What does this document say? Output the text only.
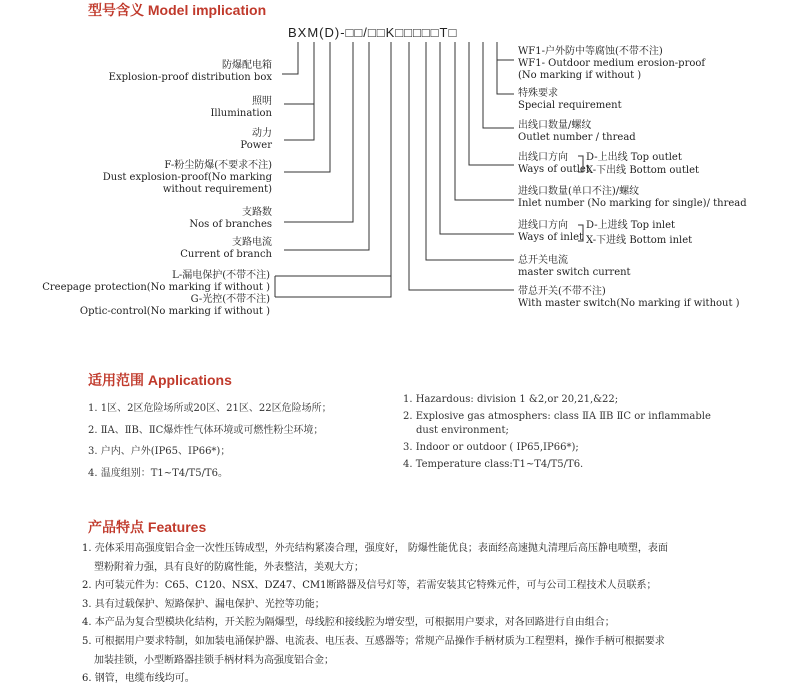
型号含义 Model implication
BXM(D)-□□/□□K□□□□□T□
防爆配电箱
Explosion-proof distribution box
照明
Illumination
动力
Power
F-粉尘防爆(不要求不注)
Dust explosion-proof(No marking
without requirement)
支路数
Nos of branches
支路电流
Current of branch
L-漏电保护(不带不注)
Creepage protection(No marking if without )
G-光控(不带不注)
Optic-control(No marking if without )
WF1-户外防中等腐蚀(不带不注)
WF1- Outdoor medium erosion-proof
(No marking if without )
特殊要求
Special requirement
出线口数量/螺纹
Outlet number / thread
出线口方向
Ways of outlet
D-上出线 Top outlet
X-下出线 Bottom outlet
进线口数量(单口不注)/螺纹
Inlet number (No marking for single)/ thread
进线口方向
Ways of inlet
D-上进线 Top inlet
X-下进线 Bottom inlet
总开关电流
master switch current
带总开关(不带不注)
With master switch(No marking if without )
适用范围 Applications
1. 1区、2区危险场所或20区、21区、22区危险场所；
2. ⅡA、ⅡB、ⅡC爆炸性气体环境或可燃性粉尘环境；
3. 户内、户外(IP65、IP66*)；
4. 温度组别：T1~T4/T5/T6。
1. Hazardous: division 1 &2,or 20,21,&22;
2. Explosive gas atmosphers: class ⅡA ⅡB ⅡC or inflammable
dust environment;
3. Indoor or outdoor ( IP65,IP66*);
4. Temperature class:T1~T4/T5/T6.
产品特点 Features
1. 壳体采用高强度铝合金一次性压铸成型，外壳结构紧凑合理，强度好， 防爆性能优良；表面经高速抛丸清理后高压静电喷塑，表面
塑粉附着力强，具有良好的防腐性能，外表整洁，美观大方；
2. 内可装元件为：C65、C120、NSX、DZ47、CM1断路器及信号灯等，若需安装其它特殊元件，可与公司工程技术人员联系；
3. 具有过载保护、短路保护、漏电保护、光控等功能；
4. 本产品为复合型模块化结构，开关腔为隔爆型，母线腔和接线腔为增安型，可根据用户要求，对各回路进行自由组合；
5. 可根据用户要求特制，如加装电涌保护器、电流表、电压表、互感器等；常规产品操作手柄材质为工程塑料，操作手柄可根据要求
加装挂锁，小型断路器挂锁手柄材料为高强度铝合金；
6. 钢管，电缆布线均可。
